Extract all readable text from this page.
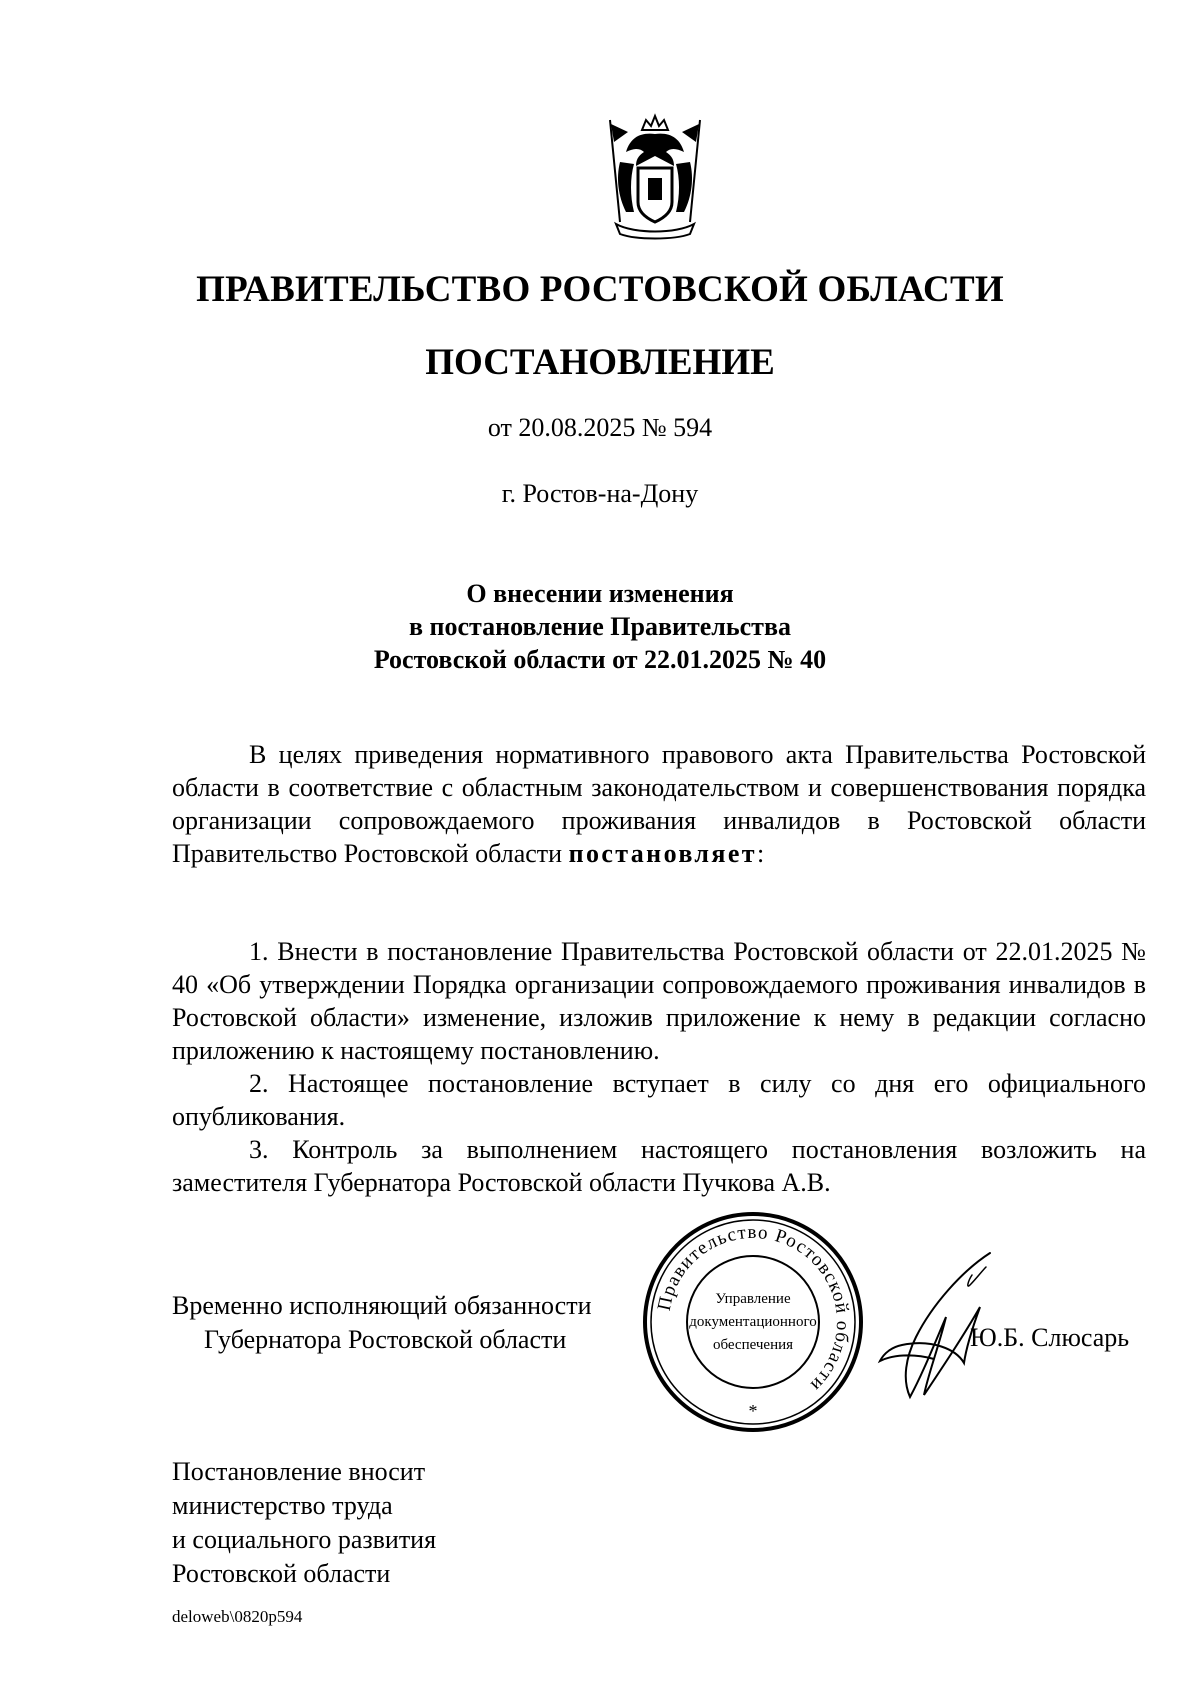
ПРАВИТЕЛЬСТВО РОСТОВСКОЙ ОБЛАСТИ
ПОСТАНОВЛЕНИЕ
от 20.08.2025 № 594
г. Ростов-на-Дону
О внесении изменения
в постановление Правительства
Ростовской области от 22.01.2025 № 40

В целях приведения нормативного правового акта Правительства Ростовской области в соответствие с областным законодательством и совершенствования порядка организации сопровождаемого проживания инвалидов в Ростовской области Правительство Ростовской области постановляет:

1. Внести в постановление Правительства Ростовской области от 22.01.2025 № 40 «Об утверждении Порядка организации сопровождаемого проживания инвалидов в Ростовской области» изменение, изложив приложение к нему в редакции согласно приложению к настоящему постановлению.

2. Настоящее постановление вступает в силу со дня его официального опубликования.

3. Контроль за выполнением настоящего постановления возложить на заместителя Губернатора Ростовской области Пучкова А.В.

Временно исполняющий обязанности
Губернатора Ростовской области
Правительство Ростовской области
Управление
документационного
обеспечения
*
Ю.Б. Слюсарь
Постановление вносит
министерство труда
и социального развития
Ростовской области
deloweb\0820p594
